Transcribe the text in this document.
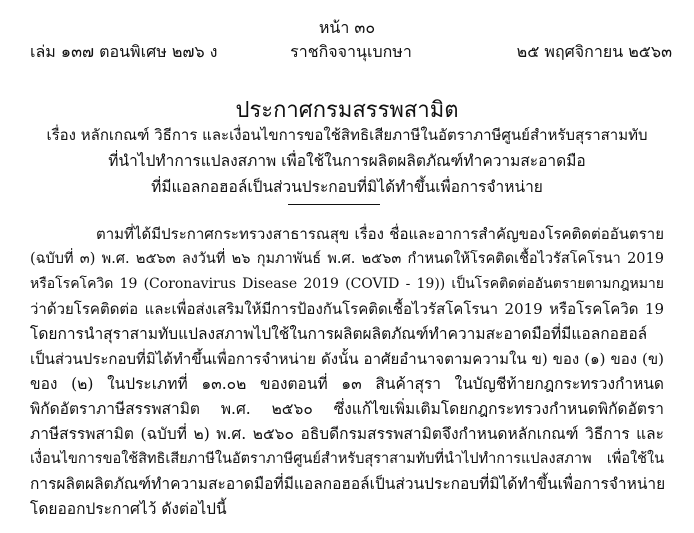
หน้า ๓๐
เล่ม ๑๓๗ ตอนพิเศษ ๒๗๖ ง	ราชกิจจานุเบกษา	๒๕ พฤศจิกายน ๒๕๖๓
ประกาศกรมสรรพสามิต
เรื่อง หลักเกณฑ์ วิธีการ และเงื่อนไขการขอใช้สิทธิเสียภาษีในอัตราภาษีศูนย์สำหรับสุราสามทับ
ที่นำไปทำการแปลงสภาพ เพื่อใช้ในการผลิตผลิตภัณฑ์ทำความสะอาดมือ
ที่มีแอลกอฮอล์เป็นส่วนประกอบที่มิได้ทำขึ้นเพื่อการจำหน่าย
ตามที่ได้มีประกาศกระทรวงสาธารณสุข เรื่อง ชื่อและอาการสำคัญของโรคติดต่ออันตราย
(ฉบับที่ ๓) พ.ศ. ๒๕๖๓ ลงวันที่ ๒๖ กุมภาพันธ์ พ.ศ. ๒๕๖๓ กำหนดให้โรคติดเชื้อไวรัสโคโรนา 2019
หรือโรคโควิด 19 (Coronavirus Disease 2019 (COVID - 19)) เป็นโรคติดต่ออันตรายตามกฎหมาย
ว่าด้วยโรคติดต่อ และเพื่อส่งเสริมให้มีการป้องกันโรคติดเชื้อไวรัสโคโรนา 2019 หรือโรคโควิด 19
โดยการนำสุราสามทับแปลงสภาพไปใช้ในการผลิตผลิตภัณฑ์ทำความสะอาดมือที่มีแอลกอฮอล์
เป็นส่วนประกอบที่มิได้ทำขึ้นเพื่อการจำหน่าย ดังนั้น อาศัยอำนาจตามความใน ข) ของ (๑) ของ (ข)
ของ (๒) ในประเภทที่ ๑๓.๐๒ ของตอนที่ ๑๓ สินค้าสุรา ในบัญชีท้ายกฎกระทรวงกำหนด
พิกัดอัตราภาษีสรรพสามิต พ.ศ. ๒๕๖๐ ซึ่งแก้ไขเพิ่มเติมโดยกฎกระทรวงกำหนดพิกัดอัตรา
ภาษีสรรพสามิต (ฉบับที่ ๒) พ.ศ. ๒๕๖๐ อธิบดีกรมสรรพสามิตจึงกำหนดหลักเกณฑ์ วิธีการ และ
เงื่อนไขการขอใช้สิทธิเสียภาษีในอัตราภาษีศูนย์สำหรับสุราสามทับที่นำไปทำการแปลงสภาพ เพื่อใช้ใน
การผลิตผลิตภัณฑ์ทำความสะอาดมือที่มีแอลกอฮอล์เป็นส่วนประกอบที่มิได้ทำขึ้นเพื่อการจำหน่าย
โดยออกประกาศไว้ ดังต่อไปนี้
